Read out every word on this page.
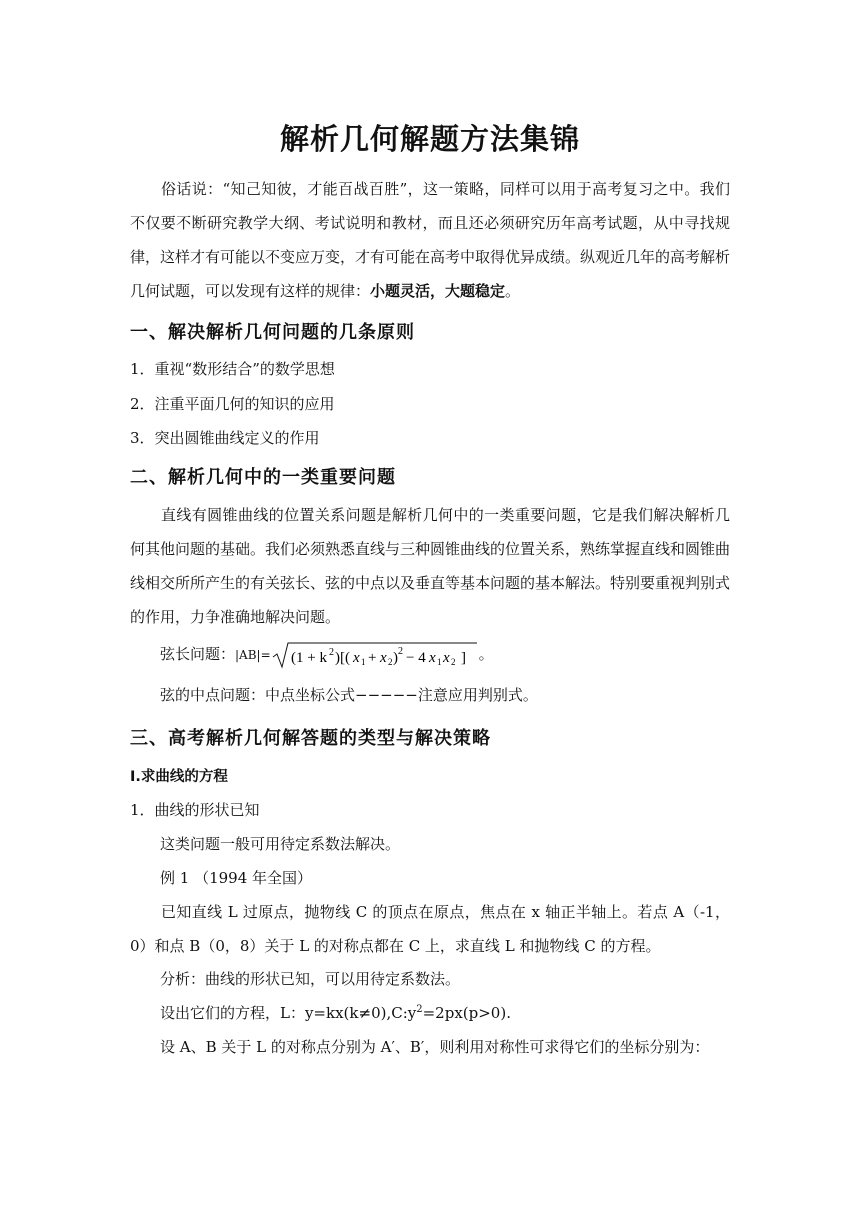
解析几何解题方法集锦
俗话说：“知己知彼，才能百战百胜”，这一策略，同样可以用于高考复习之中。我们不仅要不断研究教学大纲、考试说明和教材，而且还必须研究历年高考试题，从中寻找规律，这样才有可能以不变应万变，才有可能在高考中取得优异成绩。纵观近几年的高考解析几何试题，可以发现有这样的规律：小题灵活，大题稳定。
一、解决解析几何问题的几条原则
1．重视“数形结合”的数学思想
2．注重平面几何的知识的应用
3．突出圆锥曲线定义的作用
二、解析几何中的一类重要问题
直线有圆锥曲线的位置关系问题是解析几何中的一类重要问题，它是我们解决解析几何其他问题的基础。我们必须熟悉直线与三种圆锥曲线的位置关系，熟练掌握直线和圆锥曲线相交所所产生的有关弦长、弦的中点以及垂直等基本问题的基本解法。特别要重视判别式的作用，力争准确地解决问题。
弦长问题：|AB|= (1 + k 2 )[( x 1 + x 2 ) 2 − 4 x 1 x 2 ] 。
弦的中点问题：中点坐标公式−−−−−注意应用判别式。
三、高考解析几何解答题的类型与解决策略
Ⅰ.求曲线的方程
1．曲线的形状已知
这类问题一般可用待定系数法解决。
例 1 （1994 年全国）
已知直线 L 过原点，抛物线 C 的顶点在原点，焦点在 x 轴正半轴上。若点 A（-1，0）和点 B（0，8）关于 L 的对称点都在 C 上，求直线 L 和抛物线 C 的方程。
分析：曲线的形状已知，可以用待定系数法。
设出它们的方程，L：$y=kx(k\ne 0),C:y^2=2px(p>0)$.
设 A、B 关于 L 的对称点分别为 A′、B′，则利用对称性可求得它们的坐标分别为：
